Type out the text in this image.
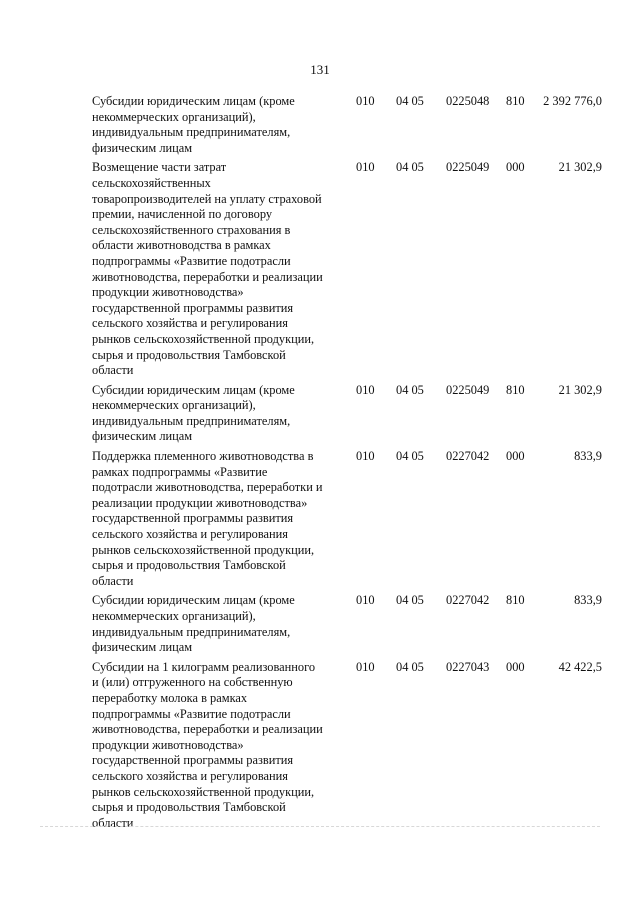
131
Субсидии юридическим лицам (кроме
некоммерческих организаций),
индивидуальным предпринимателям,
физическим лицам
010	04 05	0225048	810	2 392 776,0
Возмещение части затрат
сельскохозяйственных
товаропроизводителей на уплату страховой
премии, начисленной по договору
сельскохозяйственного страхования в
области животноводства в рамках
подпрограммы «Развитие подотрасли
животноводства, переработки и реализации
продукции животноводства»
государственной программы развития
сельского хозяйства и регулирования
рынков сельскохозяйственной продукции,
сырья и продовольствия Тамбовской
области
010	04 05	0225049	000	21 302,9
Субсидии юридическим лицам (кроме
некоммерческих организаций),
индивидуальным предпринимателям,
физическим лицам
010	04 05	0225049	810	21 302,9
Поддержка племенного животноводства в
рамках подпрограммы «Развитие
подотрасли животноводства, переработки и
реализации продукции животноводства»
государственной программы развития
сельского хозяйства и регулирования
рынков сельскохозяйственной продукции,
сырья и продовольствия Тамбовской
области
010	04 05	0227042	000	833,9
Субсидии юридическим лицам (кроме
некоммерческих организаций),
индивидуальным предпринимателям,
физическим лицам
010	04 05	0227042	810	833,9
Субсидии на 1 килограмм реализованного
и (или) отгруженного на собственную
переработку молока в рамках
подпрограммы «Развитие подотрасли
животноводства, переработки и реализации
продукции животноводства»
государственной программы развития
сельского хозяйства и регулирования
рынков сельскохозяйственной продукции,
сырья и продовольствия Тамбовской
области
010	04 05	0227043	000	42 422,5
